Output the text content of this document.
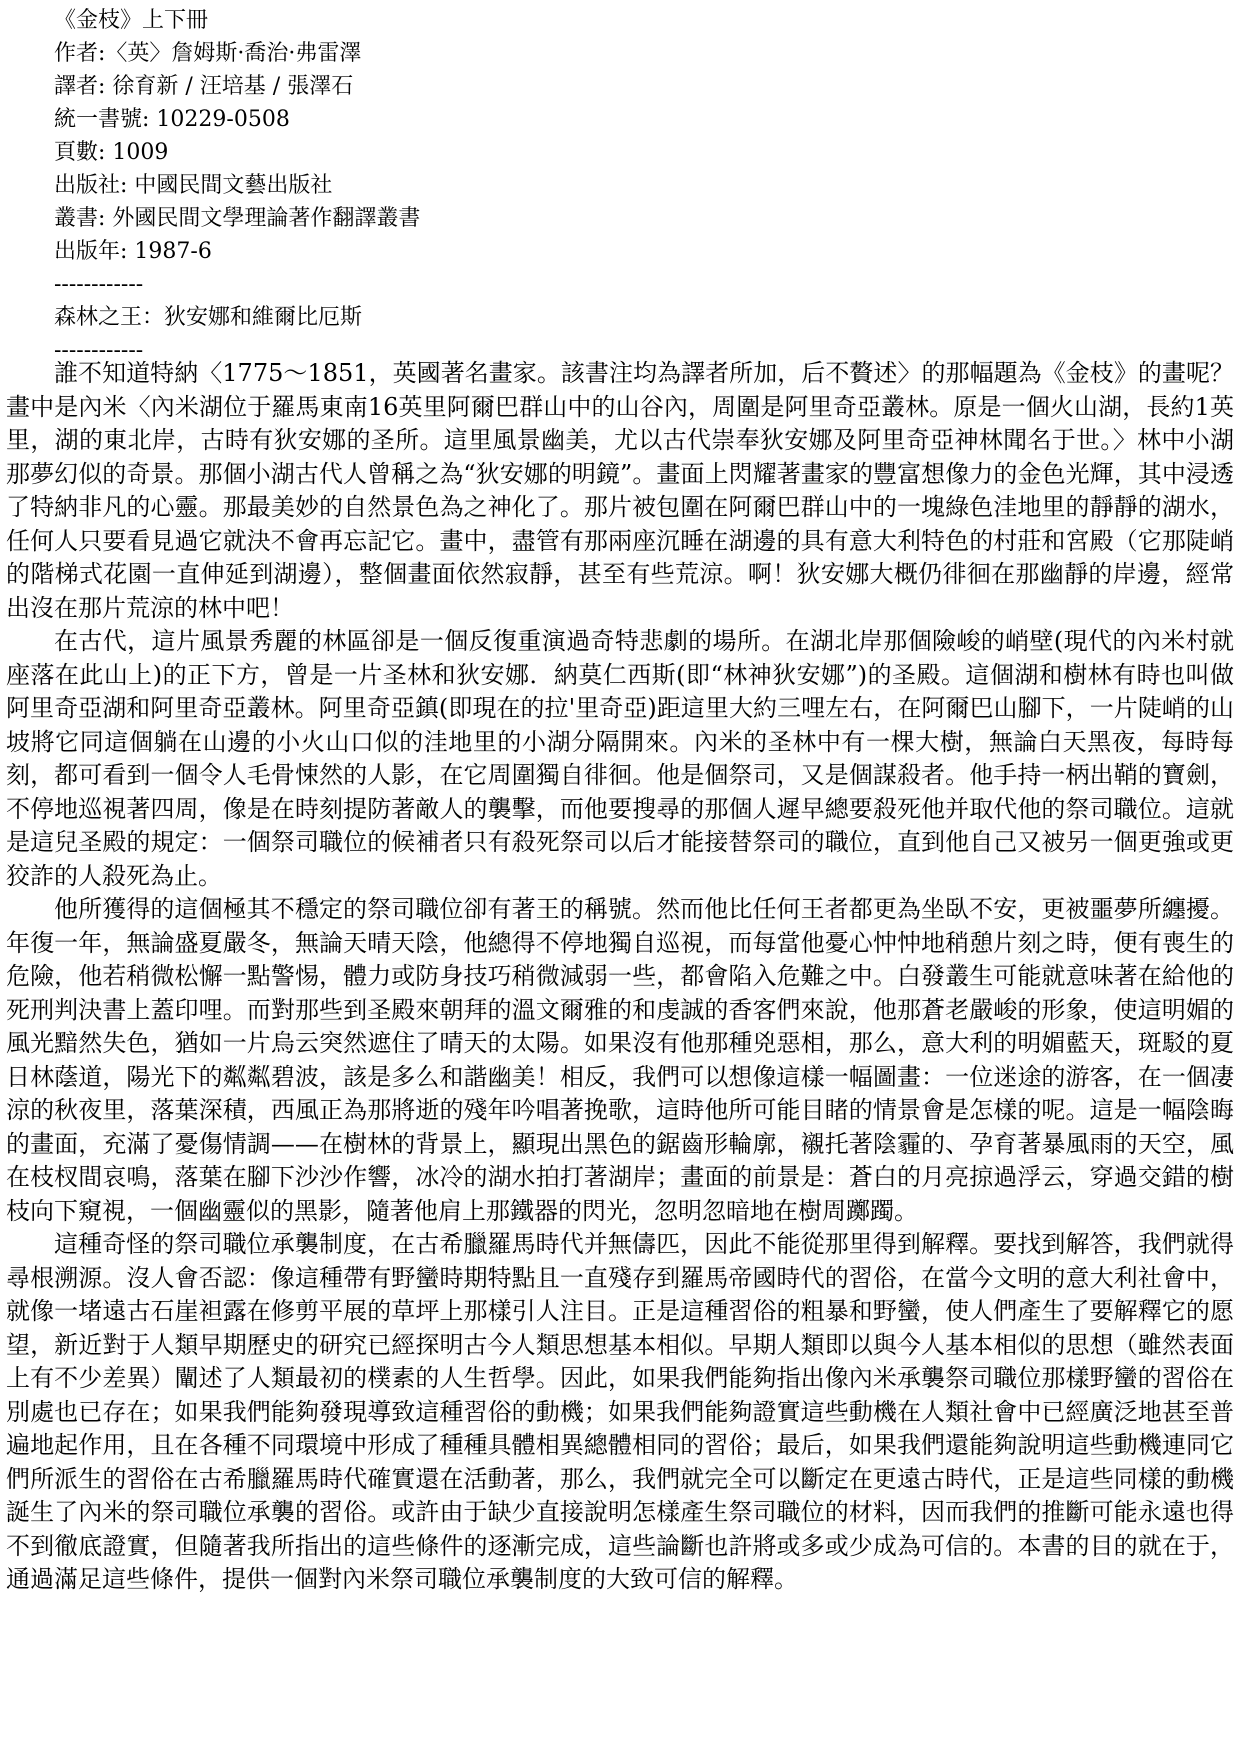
《金枝》上下冊
作者:〈英〉詹姆斯·喬治·弗雷澤
譯者: 徐育新 / 汪培基 / 張澤石
統一書號: 10229-0508
頁數: 1009
出版社: 中國民間文藝出版社
叢書: 外國民間文學理論著作翻譯叢書
出版年: 1987-6
------------
森林之王：狄安娜和維爾比厄斯
------------

誰不知道特納〈1775～1851，英國著名畫家。該書注均為譯者所加，后不贅述〉的那幅題為《金枝》的畫呢？畫中是內米〈內米湖位于羅馬東南16英里阿爾巴群山中的山谷內，周圍是阿里奇亞叢林。原是一個火山湖，長約1英里，湖的東北岸，古時有狄安娜的圣所。這里風景幽美，尤以古代崇奉狄安娜及阿里奇亞神林聞名于世。〉林中小湖那夢幻似的奇景。那個小湖古代人曾稱之為“狄安娜的明鏡”。畫面上閃耀著畫家的豐富想像力的金色光輝，其中浸透了特納非凡的心靈。那最美妙的自然景色為之神化了。那片被包圍在阿爾巴群山中的一塊綠色洼地里的靜靜的湖水，任何人只要看見過它就決不會再忘記它。畫中，盡管有那兩座沉睡在湖邊的具有意大利特色的村莊和宮殿（它那陡峭的階梯式花園一直伸延到湖邊），整個畫面依然寂靜，甚至有些荒涼。啊！狄安娜大概仍徘徊在那幽靜的岸邊，經常出沒在那片荒涼的林中吧！

在古代，這片風景秀麗的林區卻是一個反復重演過奇特悲劇的場所。在湖北岸那個險峻的峭壁(現代的內米村就座落在此山上)的正下方，曾是一片圣林和狄安娜．納莫仁西斯(即“林神狄安娜”)的圣殿。這個湖和樹林有時也叫做阿里奇亞湖和阿里奇亞叢林。阿里奇亞鎮(即現在的拉'里奇亞)距這里大約三哩左右，在阿爾巴山腳下，一片陡峭的山坡將它同這個躺在山邊的小火山口似的洼地里的小湖分隔開來。內米的圣林中有一棵大樹，無論白天黑夜，每時每刻，都可看到一個令人毛骨悚然的人影，在它周圍獨自徘徊。他是個祭司，又是個謀殺者。他手持一柄出鞘的寶劍，不停地巡視著四周，像是在時刻提防著敵人的襲擊，而他要搜尋的那個人遲早總要殺死他并取代他的祭司職位。這就是這兒圣殿的規定：一個祭司職位的候補者只有殺死祭司以后才能接替祭司的職位，直到他自己又被另一個更強或更狡詐的人殺死為止。

他所獲得的這個極其不穩定的祭司職位卻有著王的稱號。然而他比任何王者都更為坐臥不安，更被噩夢所纏擾。年復一年，無論盛夏嚴冬，無論天晴天陰，他總得不停地獨自巡視，而每當他憂心忡忡地稍憩片刻之時，便有喪生的危險，他若稍微松懈一點警惕，體力或防身技巧稍微減弱一些，都會陷入危難之中。白發叢生可能就意味著在給他的死刑判決書上蓋印哩。而對那些到圣殿來朝拜的溫文爾雅的和虔誠的香客們來說，他那蒼老嚴峻的形象，使這明媚的風光黯然失色，猶如一片烏云突然遮住了晴天的太陽。如果沒有他那種兇惡相，那么，意大利的明媚藍天，斑駁的夏日林蔭道，陽光下的粼粼碧波，該是多么和諧幽美！相反，我們可以想像這樣一幅圖畫：一位迷途的游客，在一個凄涼的秋夜里，落葉深積，西風正為那將逝的殘年吟唱著挽歌，這時他所可能目睹的情景會是怎樣的呢。這是一幅陰晦的畫面，充滿了憂傷情調——在樹林的背景上，顯現出黑色的鋸齒形輪廓，襯托著陰霾的、孕育著暴風雨的天空，風在枝杈間哀鳴，落葉在腳下沙沙作響，冰冷的湖水拍打著湖岸；畫面的前景是：蒼白的月亮掠過浮云，穿過交錯的樹枝向下窺視，一個幽靈似的黑影，隨著他肩上那鐵器的閃光，忽明忽暗地在樹周躑躅。

這種奇怪的祭司職位承襲制度，在古希臘羅馬時代并無儔匹，因此不能從那里得到解釋。要找到解答，我們就得尋根溯源。沒人會否認：像這種帶有野蠻時期特點且一直殘存到羅馬帝國時代的習俗，在當今文明的意大利社會中，就像一堵遠古石崖袒露在修剪平展的草坪上那樣引人注目。正是這種習俗的粗暴和野蠻，使人們產生了要解釋它的愿望，新近對于人類早期歷史的研究已經探明古今人類思想基本相似。早期人類即以與今人基本相似的思想（雖然表面上有不少差異）闡述了人類最初的樸素的人生哲學。因此，如果我們能夠指出像內米承襲祭司職位那樣野蠻的習俗在別處也已存在；如果我們能夠發現導致這種習俗的動機；如果我們能夠證實這些動機在人類社會中已經廣泛地甚至普遍地起作用，且在各種不同環境中形成了種種具體相異總體相同的習俗；最后，如果我們還能夠說明這些動機連同它們所派生的習俗在古希臘羅馬時代確實還在活動著，那么，我們就完全可以斷定在更遠古時代，正是這些同樣的動機誕生了內米的祭司職位承襲的習俗。或許由于缺少直接說明怎樣產生祭司職位的材料，因而我們的推斷可能永遠也得不到徹底證實，但隨著我所指出的這些條件的逐漸完成，這些論斷也許將或多或少成為可信的。本書的目的就在于，通過滿足這些條件，提供一個對內米祭司職位承襲制度的大致可信的解釋。
